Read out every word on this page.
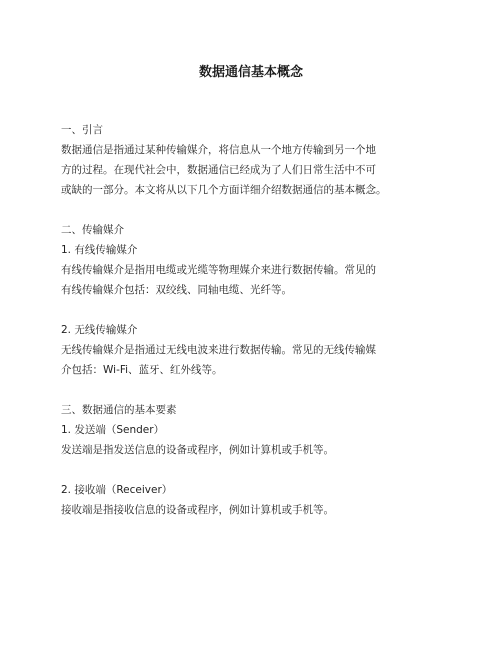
数据通信基本概念
一、引言
数据通信是指通过某种传输媒介，将信息从一个地方传输到另一个地
方的过程。在现代社会中，数据通信已经成为了人们日常生活中不可
或缺的一部分。本文将从以下几个方面详细介绍数据通信的基本概念。
二、传输媒介
1. 有线传输媒介
有线传输媒介是指用电缆或光缆等物理媒介来进行数据传输。常见的
有线传输媒介包括：双绞线、同轴电缆、光纤等。
2. 无线传输媒介
无线传输媒介是指通过无线电波来进行数据传输。常见的无线传输媒
介包括：Wi-Fi、蓝牙、红外线等。
三、数据通信的基本要素
1. 发送端（Sender）
发送端是指发送信息的设备或程序，例如计算机或手机等。
2. 接收端（Receiver）
接收端是指接收信息的设备或程序，例如计算机或手机等。
